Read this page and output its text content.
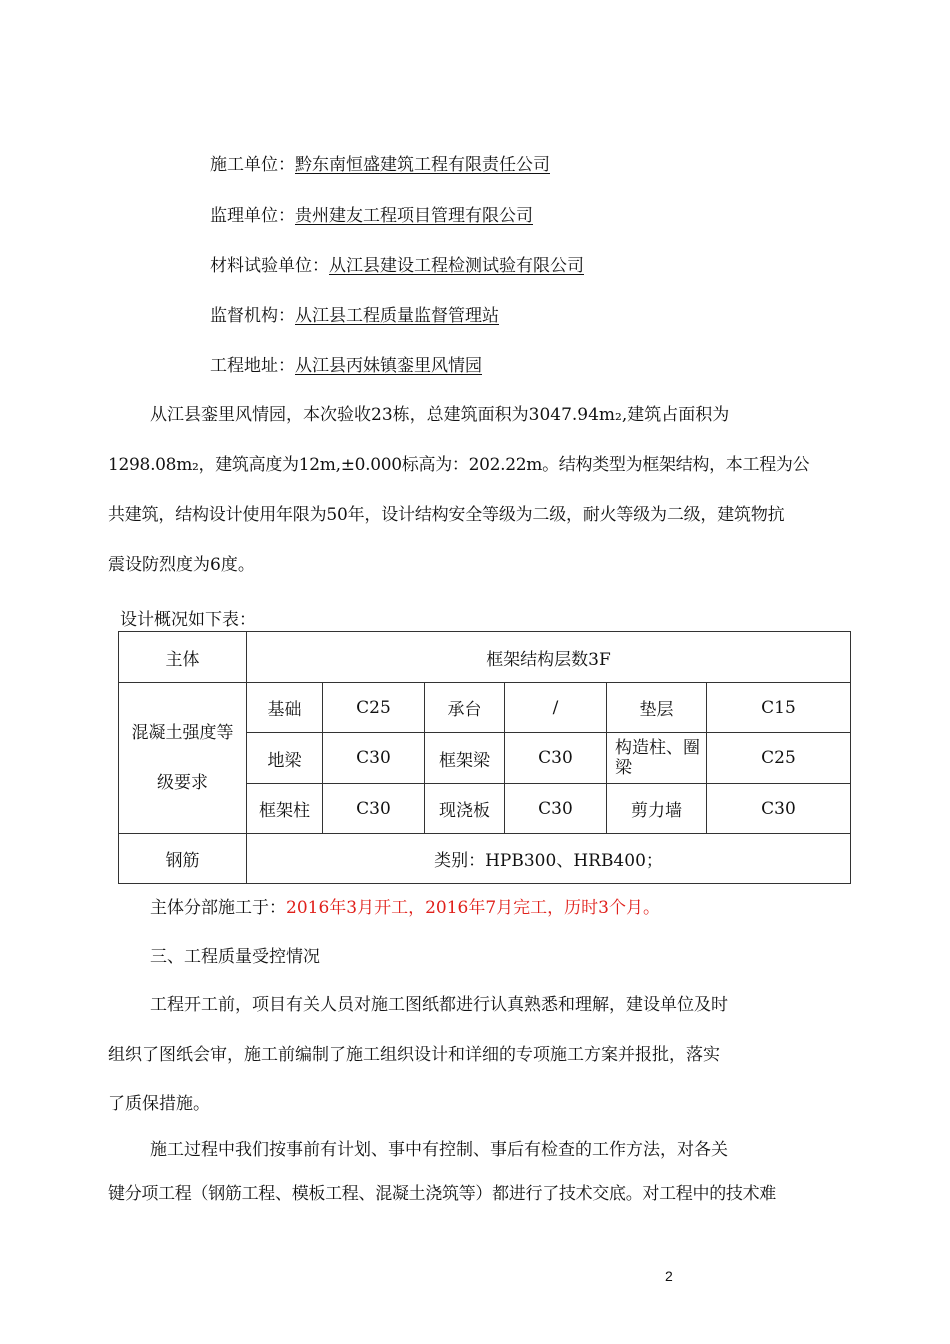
施工单位：黔东南恒盛建筑工程有限责任公司
监理单位：贵州建友工程项目管理有限公司
材料试验单位：从江县建设工程检测试验有限公司
监督机构：从江县工程质量监督管理站
工程地址：从江县丙妹镇銮里风情园
从江县銮里风情园，本次验收23栋，总建筑面积为3047.94m₂,建筑占面积为
1298.08m₂，建筑高度为12m,±0.000标高为：202.22m。结构类型为框架结构，本工程为公
共建筑，结构设计使用年限为50年，设计结构安全等级为二级，耐火等级为二级，建筑物抗
震设防烈度为6度。
设计概况如下表：
主体	框架结构层数3F					

混凝土强度等
级要求	基础	C25	承台	/	垫层	C15
	地梁	C30	框架梁	C30	构造柱、圈梁	C25
	框架柱	C30	现浇板	C30	剪力墙	C30
钢筋	类别：HPB300、HRB400；					
主体分部施工于：2016年3月开工，2016年7月完工，历时3个月。
三、工程质量受控情况
工程开工前，项目有关人员对施工图纸都进行认真熟悉和理解，建设单位及时
组织了图纸会审，施工前编制了施工组织设计和详细的专项施工方案并报批，落实
了质保措施。
施工过程中我们按事前有计划、事中有控制、事后有检查的工作方法，对各关
键分项工程（钢筋工程、模板工程、混凝土浇筑等）都进行了技术交底。对工程中的技术难
2
